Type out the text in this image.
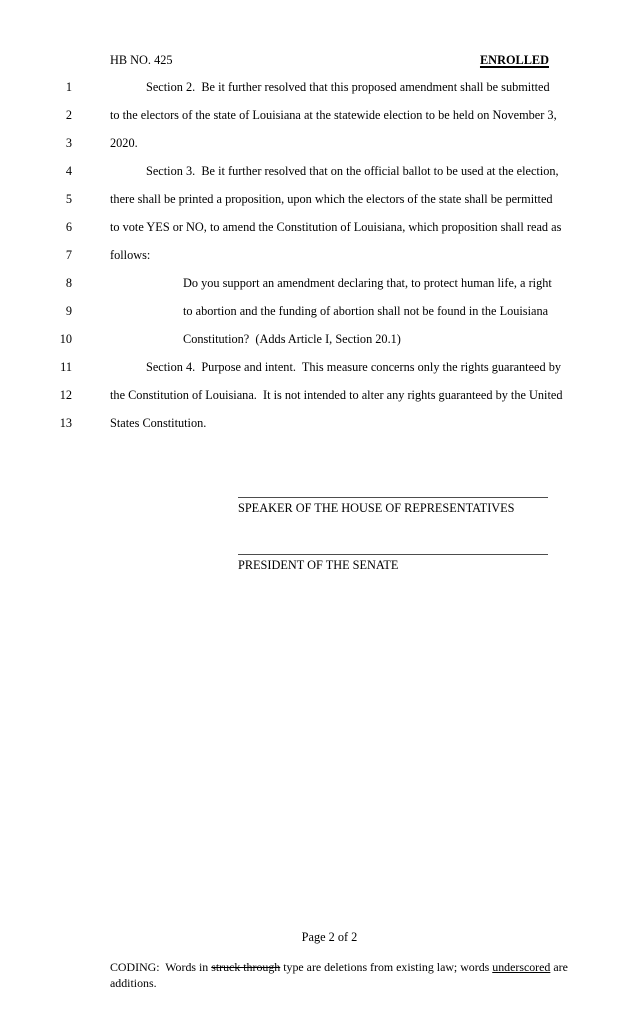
HB NO. 425	ENROLLED
1	Section 2.  Be it further resolved that this proposed amendment shall be submitted
2	to the electors of the state of Louisiana at the statewide election to be held on November 3,
3	2020.
4	Section 3.  Be it further resolved that on the official ballot to be used at the election,
5	there shall be printed a proposition, upon which the electors of the state shall be permitted
6	to vote YES or NO, to amend the Constitution of Louisiana, which proposition shall read as
7	follows:
8	Do you support an amendment declaring that, to protect human life, a right
9	to abortion and the funding of abortion shall not be found in the Louisiana
10	Constitution?  (Adds Article I, Section 20.1)
11	Section 4.  Purpose and intent.  This measure concerns only the rights guaranteed by
12	the Constitution of Louisiana.  It is not intended to alter any rights guaranteed by the United
13	States Constitution.
SPEAKER OF THE HOUSE OF REPRESENTATIVES
PRESIDENT OF THE SENATE
Page 2 of 2
CODING:  Words in struck through type are deletions from existing law; words underscored are additions.
